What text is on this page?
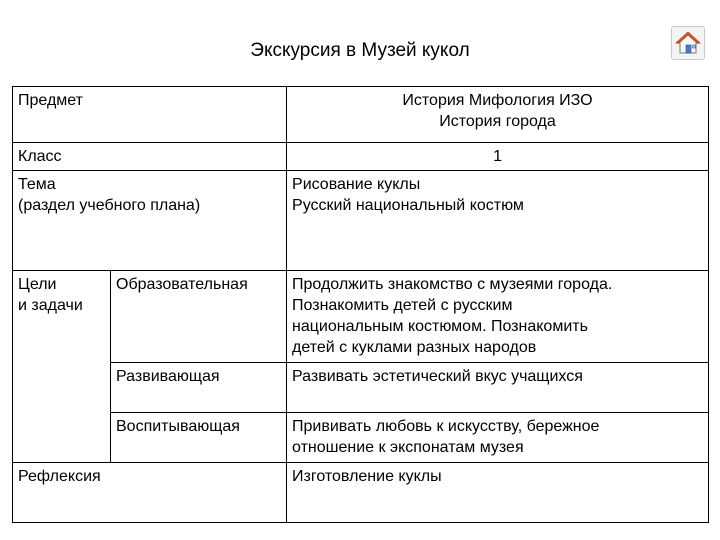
Экскурсия в Музей кукол
Предмет		История Мифология ИЗО
История города

Класс		1

Тема
(раздел учебного плана)		Рисование куклы
Русский национальный костюм

Цели
и задачи	Образовательная	Продолжить знакомство с музеями города.
Познакомить детей с русским
национальным костюмом. Познакомить
детей с куклами разных народов

	Развивающая	Развивать эстетический вкус учащихся
	Воспитывающая	Прививать любовь к искусству, бережное
отношение к экспонатам музея

Рефлексия		Изготовление куклы
